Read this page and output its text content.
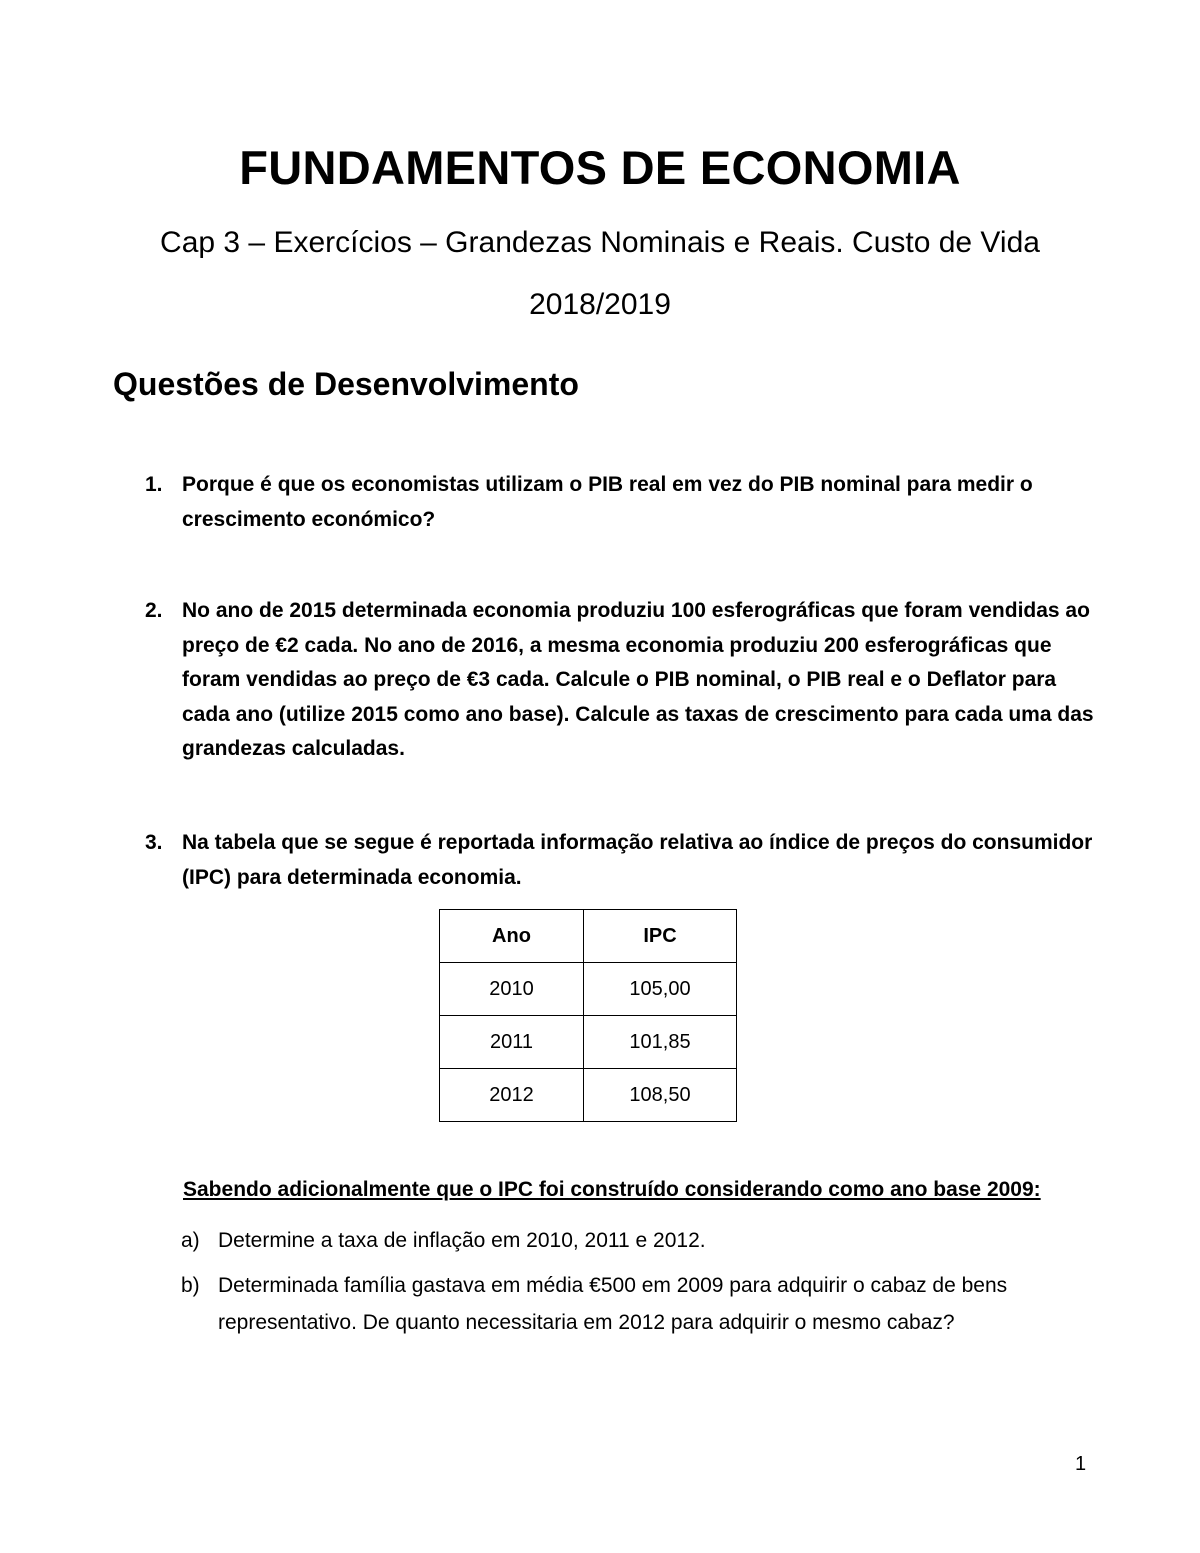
FUNDAMENTOS DE ECONOMIA
Cap 3 – Exercícios – Grandezas Nominais e Reais. Custo de Vida
2018/2019
Questões de Desenvolvimento
1. Porque é que os economistas utilizam o PIB real em vez do PIB nominal para medir o crescimento económico?
2. No ano de 2015 determinada economia produziu 100 esferográficas que foram vendidas ao preço de €2 cada. No ano de 2016, a mesma economia produziu 200 esferográficas que foram vendidas ao preço de €3 cada. Calcule o PIB nominal, o PIB real e o Deflator para cada ano (utilize 2015 como ano base). Calcule as taxas de crescimento para cada uma das grandezas calculadas.
3. Na tabela que se segue é reportada informação relativa ao índice de preços do consumidor (IPC) para determinada economia.
Ano	IPC
2010	105,00
2011	101,85
2012	108,50
Sabendo adicionalmente que o IPC foi construído considerando como ano base 2009:
a) Determine a taxa de inflação em 2010, 2011 e 2012.
b) Determinada família gastava em média €500 em 2009 para adquirir o cabaz de bens representativo. De quanto necessitaria em 2012 para adquirir o mesmo cabaz?
1
